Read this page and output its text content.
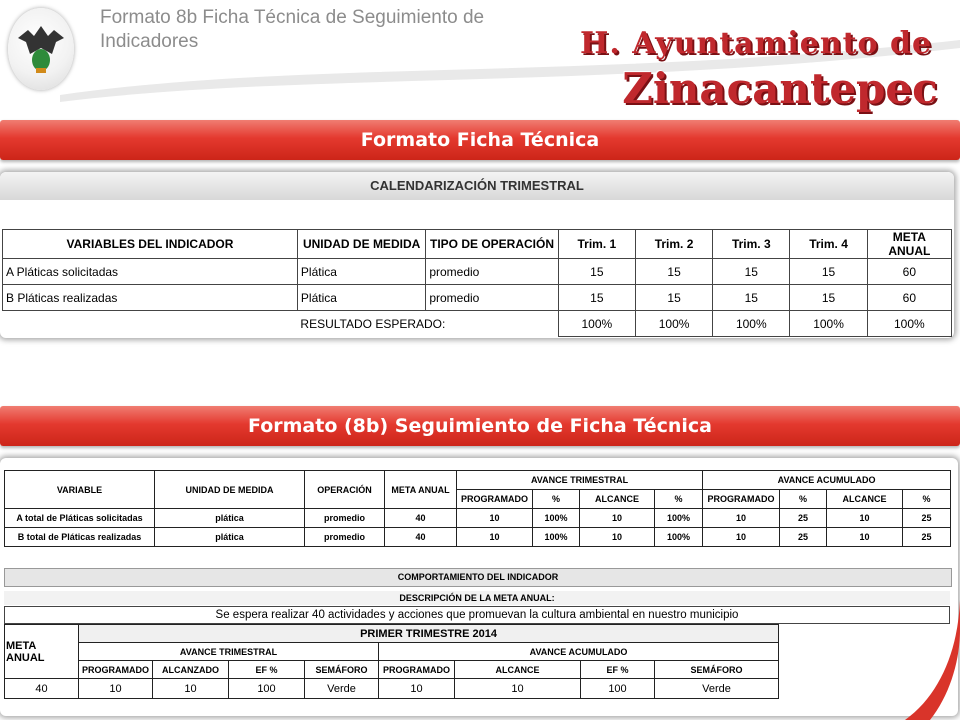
Formato 8b Ficha Técnica de Seguimiento de Indicadores	H. Ayuntamiento de
Zinacantepec
Formato Ficha Técnica
CALENDARIZACIÓN TRIMESTRAL
VARIABLES DEL INDICADOR	UNIDAD DE MEDIDA	TIPO DE OPERACIÓN	Trim. 1	Trim. 2	Trim. 3	Trim. 4	META ANUAL
A Pláticas solicitadas	Plática	promedio	15	15	15	15	60
B Pláticas realizadas	Plática	promedio	15	15	15	15	60
	RESULTADO ESPERADO:		100%	100%	100%	100%	100%
Formato (8b) Seguimiento de Ficha Técnica
VARIABLE	UNIDAD DE MEDIDA	OPERACIÓN	META ANUAL	AVANCE TRIMESTRAL				AVANCE ACUMULADO			
				PROGRAMADO	%	ALCANCE	%	PROGRAMADO	%	ALCANCE	%
A total de Pláticas solicitadas	plática	promedio	40	10	100%	10	100%	10	25	10	25
B total de Pláticas realizadas	plática	promedio	40	10	100%	10	100%	10	25	10	25
COMPORTAMIENTO DEL INDICADOR
DESCRIPCIÓN DE LA META ANUAL:
Se espera realizar 40 actividades y acciones que promuevan la cultura ambiental en nuestro municipio
META ANUAL	PRIMER TRIMESTRE 2014							
	AVANCE TRIMESTRAL				AVANCE ACUMULADO			
	PROGRAMADO	ALCANZADO	EF %	SEMÁFORO	PROGRAMADO	ALCANCE	EF %	SEMÁFORO
40	10	10	100	Verde	10	10	100	Verde
